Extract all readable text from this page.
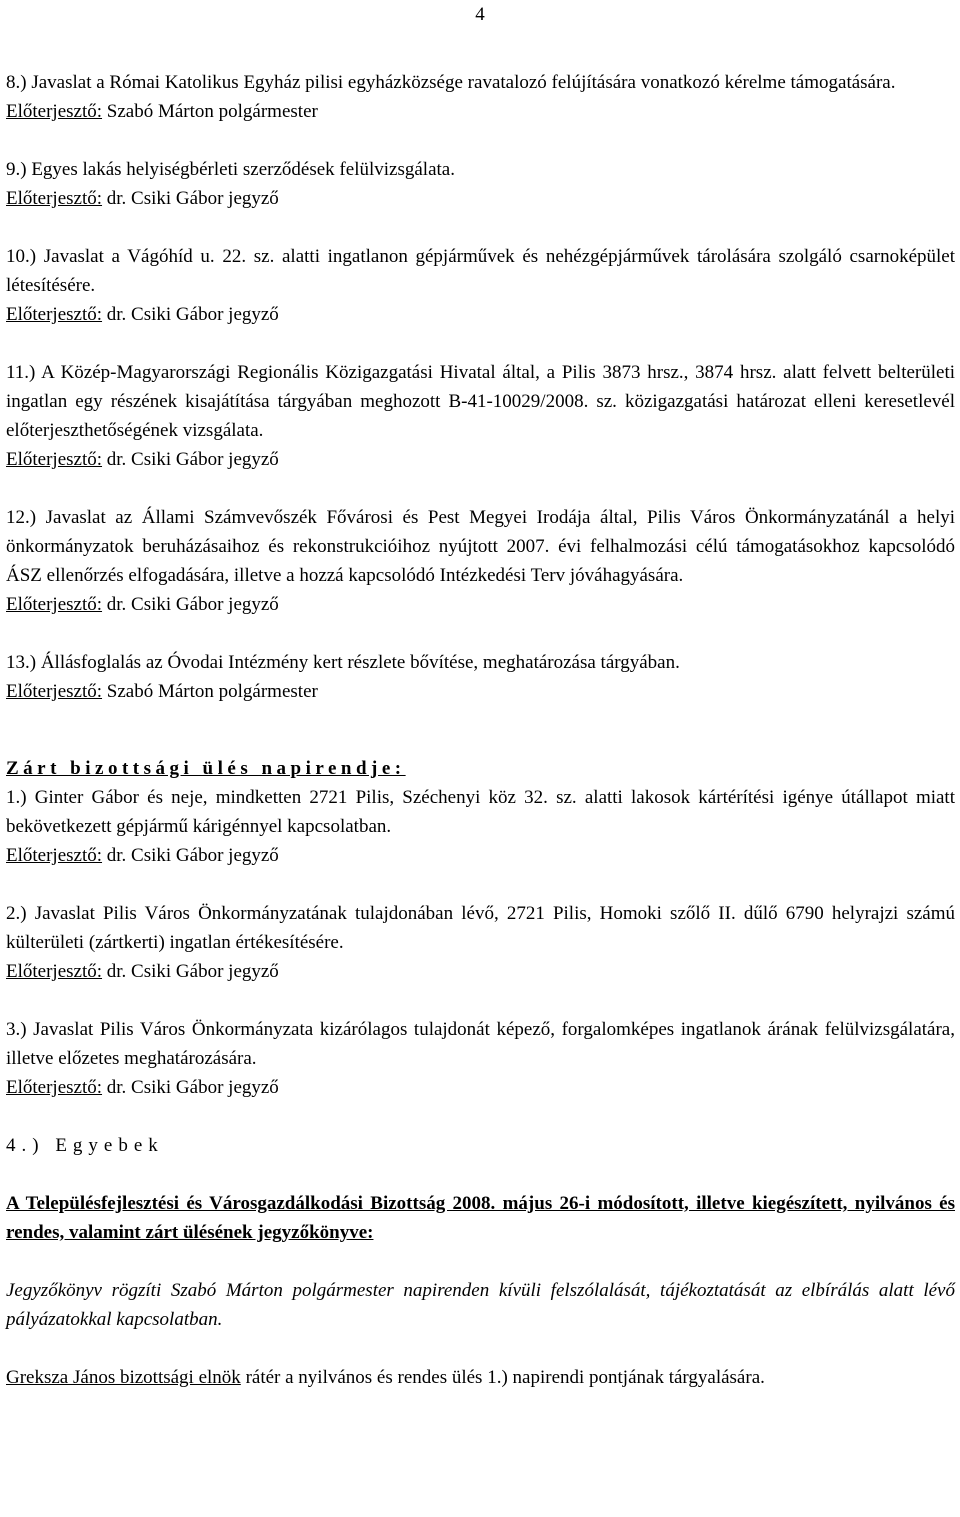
4
8.) Javaslat a Római Katolikus Egyház pilisi egyházközsége ravatalozó felújítására vonatkozó kérelme támogatására.
Előterjesztő: Szabó Márton polgármester
9.) Egyes lakás helyiségbérleti szerződések felülvizsgálata.
Előterjesztő: dr. Csiki Gábor jegyző
10.) Javaslat a Vágóhíd u. 22. sz. alatti ingatlanon gépjárművek és nehézgépjárművek tárolására szolgáló csarnoképület létesítésére.
Előterjesztő: dr. Csiki Gábor jegyző
11.) A Közép-Magyarországi Regionális Közigazgatási Hivatal által, a Pilis 3873 hrsz., 3874 hrsz. alatt felvett belterületi ingatlan egy részének kisajátítása tárgyában meghozott B-41-10029/2008. sz. közigazgatási határozat elleni keresetlevél előterjeszthetőségének vizsgálata.
Előterjesztő: dr. Csiki Gábor jegyző
12.) Javaslat az Állami Számvevőszék Fővárosi és Pest Megyei Irodája által, Pilis Város Önkormányzatánál a helyi önkormányzatok beruházásaihoz és rekonstrukcióihoz nyújtott 2007. évi felhalmozási célú támogatásokhoz kapcsolódó ÁSZ ellenőrzés elfogadására, illetve a hozzá kapcsolódó Intézkedési Terv jóváhagyására.
Előterjesztő: dr. Csiki Gábor jegyző
13.) Állásfoglalás az Óvodai Intézmény kert részlete bővítése, meghatározása tárgyában.
Előterjesztő: Szabó Márton polgármester
Zárt bizottsági ülés napirendje:
1.) Ginter Gábor és neje, mindketten 2721 Pilis, Széchenyi köz 32. sz. alatti lakosok kártérítési igénye útállapot miatt bekövetkezett gépjármű kárigénnyel kapcsolatban.
Előterjesztő: dr. Csiki Gábor jegyző
2.) Javaslat Pilis Város Önkormányzatának tulajdonában lévő, 2721 Pilis, Homoki szőlő II. dűlő 6790 helyrajzi számú külterületi (zártkerti) ingatlan értékesítésére.
Előterjesztő: dr. Csiki Gábor jegyző
3.) Javaslat Pilis Város Önkormányzata kizárólagos tulajdonát képező, forgalomképes ingatlanok árának felülvizsgálatára, illetve előzetes meghatározására.
Előterjesztő: dr. Csiki Gábor jegyző
4.) Egyebek
A Településfejlesztési és Városgazdálkodási Bizottság 2008. május 26-i módosított, illetve kiegészített, nyilvános és rendes, valamint zárt ülésének jegyzőkönyve:
Jegyzőkönyv rögzíti Szabó Márton polgármester napirenden kívüli felszólalását, tájékoztatását az elbírálás alatt lévő pályázatokkal kapcsolatban.
Greksza János bizottsági elnök rátér a nyilvános és rendes ülés 1.) napirendi pontjának tárgyalására.
